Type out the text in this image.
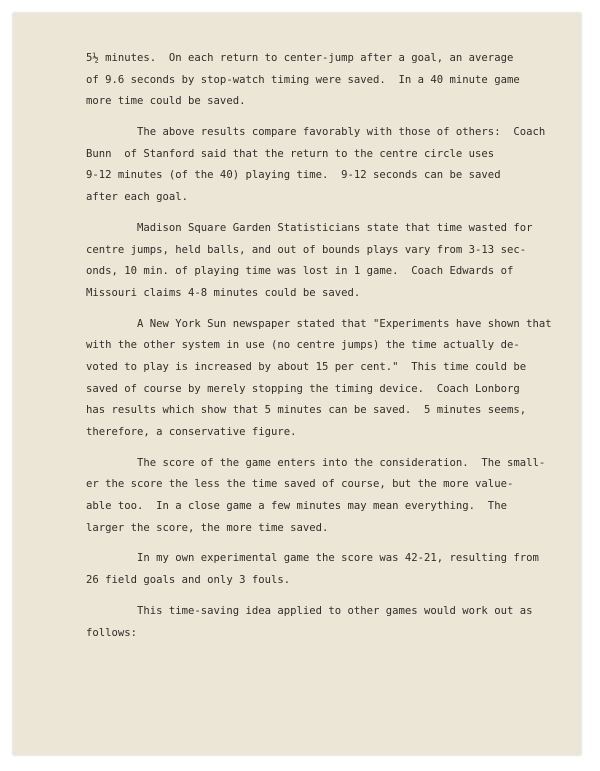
5½ minutes.  On each return to center-jump after a goal, an average
of 9.6 seconds by stop-watch timing were saved.  In a 40 minute game
more time could be saved.
The above results compare favorably with those of others:  Coach
Bunn  of Stanford said that the return to the centre circle uses
9-12 minutes (of the 40) playing time.  9-12 seconds can be saved
after each goal.
Madison Square Garden Statisticians state that time wasted for
centre jumps, held balls, and out of bounds plays vary from 3-13 sec-
onds, 10 min. of playing time was lost in 1 game.  Coach Edwards of
Missouri claims 4-8 minutes could be saved.
A New York Sun newspaper stated that "Experiments have shown that
with the other system in use (no centre jumps) the time actually de-
voted to play is increased by about 15 per cent."  This time could be
saved of course by merely stopping the timing device.  Coach Lonborg
has results which show that 5 minutes can be saved.  5 minutes seems,
therefore, a conservative figure.
The score of the game enters into the consideration.  The small-
er the score the less the time saved of course, but the more value-
able too.  In a close game a few minutes may mean everything.  The
larger the score, the more time saved.
In my own experimental game the score was 42-21, resulting from
26 field goals and only 3 fouls.
This time-saving idea applied to other games would work out as
follows:
